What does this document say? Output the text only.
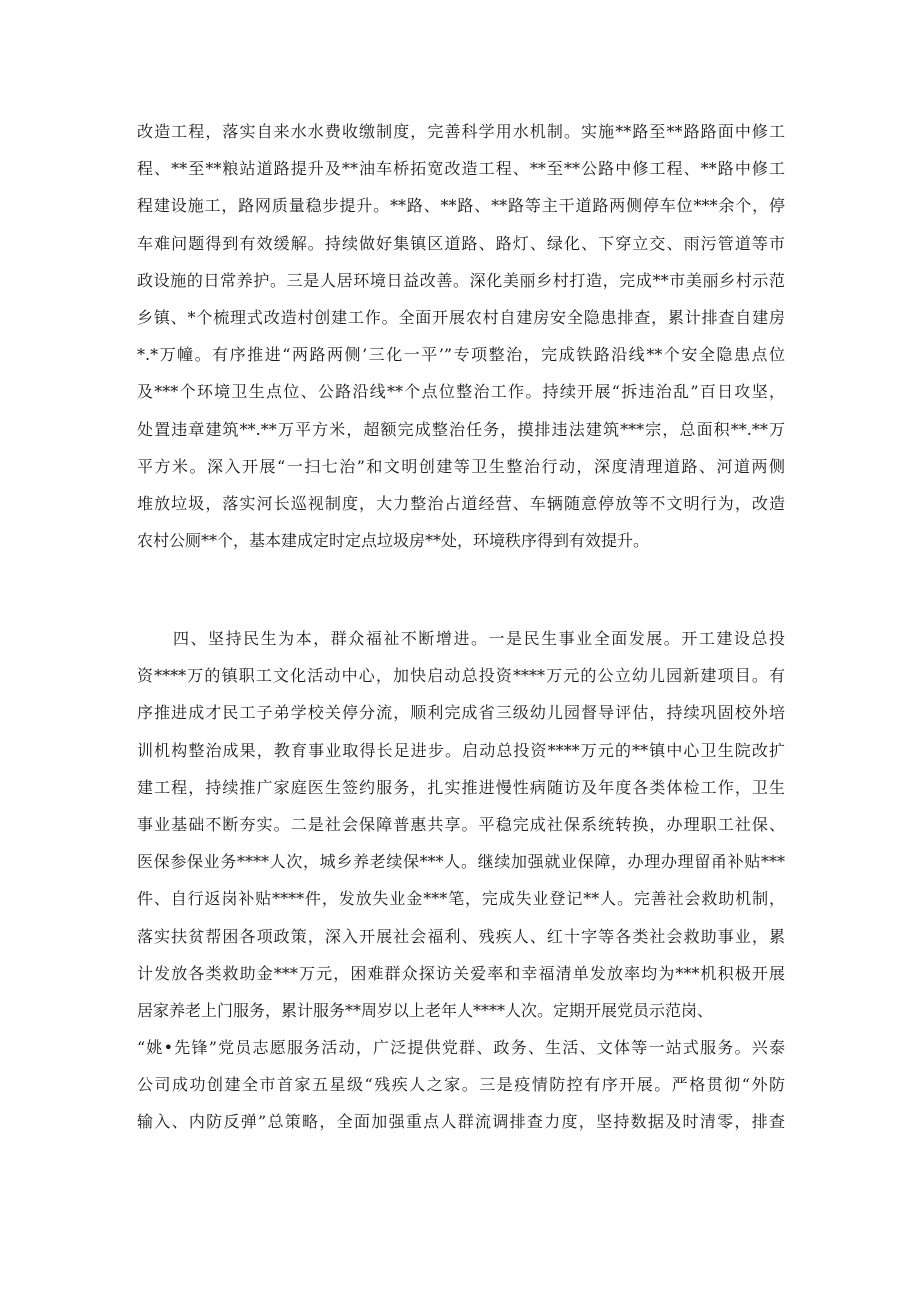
改造工程，落实自来水水费收缴制度，完善科学用水机制。实施**路至**路路面中修工
程、**至**粮站道路提升及**油车桥拓宽改造工程、**至**公路中修工程、**路中修工
程建设施工，路网质量稳步提升。**路、**路、**路等主干道路两侧停车位***余个，停
车难问题得到有效缓解。持续做好集镇区道路、路灯、绿化、下穿立交、雨污管道等市
政设施的日常养护。三是人居环境日益改善。深化美丽乡村打造，完成**市美丽乡村示范
乡镇、*个梳理式改造村创建工作。全面开展农村自建房安全隐患排查，累计排查自建房
*.*万幢。有序推进“两路两侧’三化一平’”专项整治，完成铁路沿线**个安全隐患点位
及***个环境卫生点位、公路沿线**个点位整治工作。持续开展“拆违治乱”百日攻坚，
处置违章建筑**.**万平方米，超额完成整治任务，摸排违法建筑***宗，总面积**.**万
平方米。深入开展“一扫七治”和文明创建等卫生整治行动，深度清理道路、河道两侧
堆放垃圾，落实河长巡视制度，大力整治占道经营、车辆随意停放等不文明行为，改造
农村公厕**个，基本建成定时定点垃圾房**处，环境秩序得到有效提升。
四、坚持民生为本，群众福祉不断增进。一是民生事业全面发展。开工建设总投
资****万的镇职工文化活动中心，加快启动总投资****万元的公立幼儿园新建项目。有
序推进成才民工子弟学校关停分流，顺利完成省三级幼儿园督导评估，持续巩固校外培
训机构整治成果，教育事业取得长足进步。启动总投资****万元的**镇中心卫生院改扩
建工程，持续推广家庭医生签约服务，扎实推进慢性病随访及年度各类体检工作，卫生
事业基础不断夯实。二是社会保障普惠共享。平稳完成社保系统转换，办理职工社保、
医保参保业务****人次，城乡养老续保***人。继续加强就业保障，办理办理留甬补贴***
件、自行返岗补贴****件，发放失业金***笔，完成失业登记**人。完善社会救助机制，
落实扶贫帮困各项政策，深入开展社会福利、残疾人、红十字等各类社会救助事业，累
计发放各类救助金***万元，困难群众探访关爱率和幸福清单发放率均为***机积极开展
居家养老上门服务，累计服务**周岁以上老年人****人次。定期开展党员示范岗、
“姚•先锋”党员志愿服务活动，广泛提供党群、政务、生活、文体等一站式服务。兴泰
公司成功创建全市首家五星级“残疾人之家。三是疫情防控有序开展。严格贯彻“外防
输入、内防反弹”总策略，全面加强重点人群流调排查力度，坚持数据及时清零，排查
